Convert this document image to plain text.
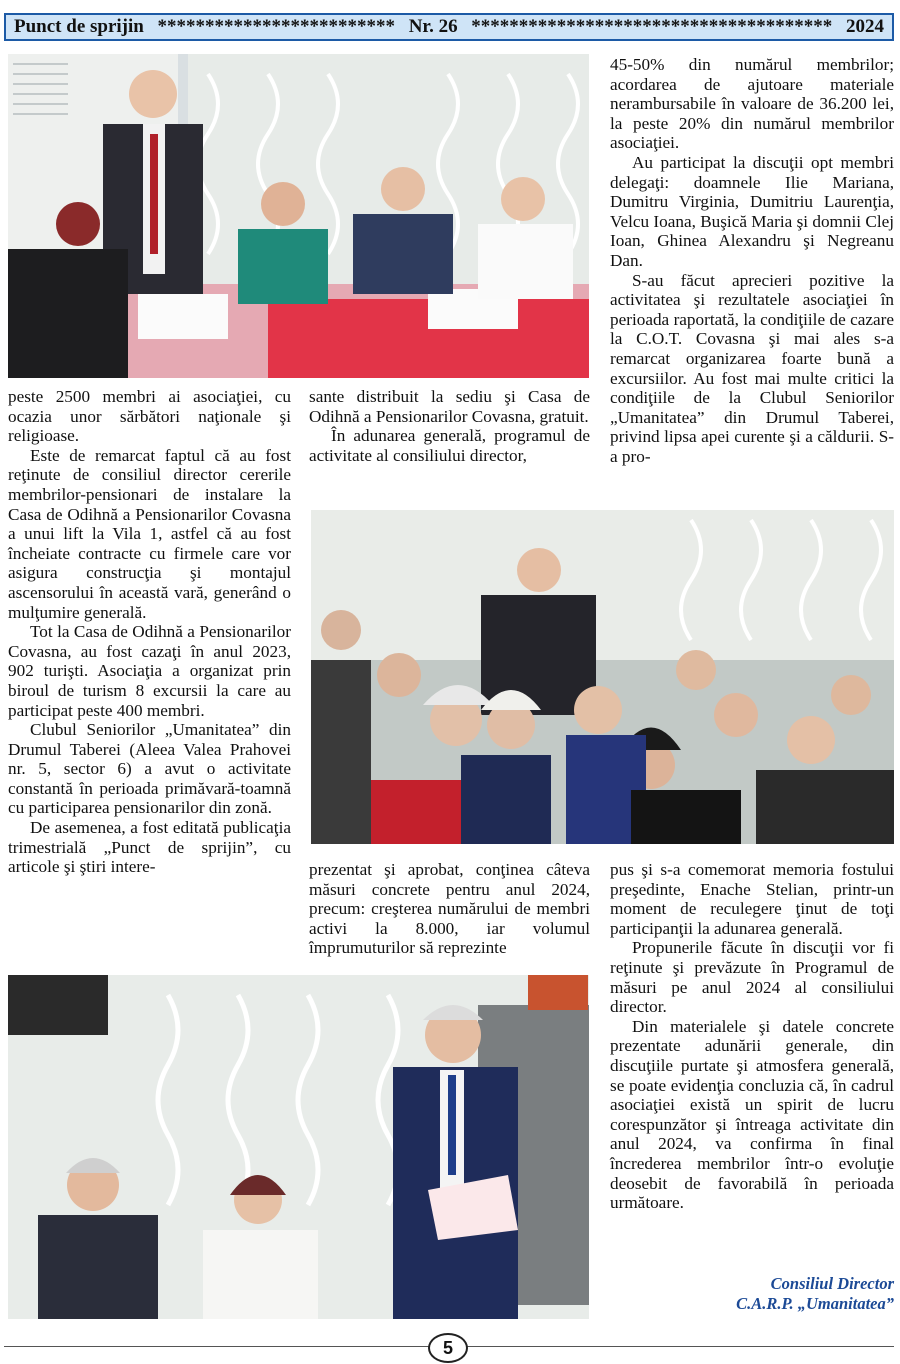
Punct de sprijin ************************* Nr. 26 ************************************** 2024

peste 2500 membri ai asociaţiei, cu ocazia unor sărbători naţionale şi religioase.

Este de remarcat faptul că au fost reţinute de consiliul director cererile membrilor-pensionari de instalare la Casa de Odihnă a Pensionarilor Covasna a unui lift la Vila 1, astfel că au fost încheiate contracte cu firmele care vor asigura construcţia şi montajul ascensorului în această vară, generând o mulţumire generală.

Tot la Casa de Odihnă a Pensionarilor Covasna, au fost cazaţi în anul 2023, 902 turişti. Asociaţia a organizat prin biroul de turism 8 excursii la care au participat peste 400 membri.

Clubul Seniorilor „Umanitatea” din Drumul Taberei (Aleea Valea Prahovei nr. 5, sector 6) a avut o activitate constantă în perioada primăvară-toamnă cu participarea pensionarilor din zonă.

De asemenea, a fost editată publicaţia trimestrială „Punct de sprijin”, cu articole şi ştiri intere-

sante distribuit la sediu şi Casa de Odihnă a Pensionarilor Covasna, gratuit.

În adunarea generală, programul de activitate al consiliului director,

45-50% din numărul membrilor; acordarea de ajutoare materiale nerambursabile în valoare de 36.200 lei, la peste 20% din numărul membrilor asociaţiei.

Au participat la discuţii opt membri delegaţi: doamnele Ilie Mariana, Dumitru Virginia, Dumitriu Laurenţia, Velcu Ioana, Buşică Maria şi domnii Clej Ioan, Ghinea Alexandru şi Negreanu Dan.

S-au făcut aprecieri pozitive la activitatea şi rezultatele asociaţiei în perioada raportată, la condiţiile de cazare la C.O.T. Covasna şi mai ales s-a remarcat organizarea foarte bună a excursiilor. Au fost mai multe critici la condiţiile de la Clubul Seniorilor „Umanitatea” din Drumul Taberei, privind lipsa apei curente şi a căldurii. S-a pro-

prezentat şi aprobat, conţinea câteva măsuri concrete pentru anul 2024, precum: creşterea numărului de membri activi la 8.000, iar volumul împrumuturilor să reprezinte

pus şi s-a comemorat memoria fostului preşedinte, Enache Stelian, printr-un moment de reculegere ţinut de toţi participanţii la adunarea generală.

Propunerile făcute în discuţii vor fi reţinute şi prevăzute în Programul de măsuri pe anul 2024 al consiliului director.

Din materialele şi datele concrete prezentate adunării generale, din discuţiile purtate şi atmosfera generală, se poate evidenţia concluzia că, în cadrul asociaţiei există un spirit de lucru corespunzător şi întreaga activitate din anul 2024, va confirma în final încrederea membrilor într-o evoluţie deosebit de favorabilă în perioada următoare.

Consiliul Director
C.A.R.P. „Umanitatea”
5
